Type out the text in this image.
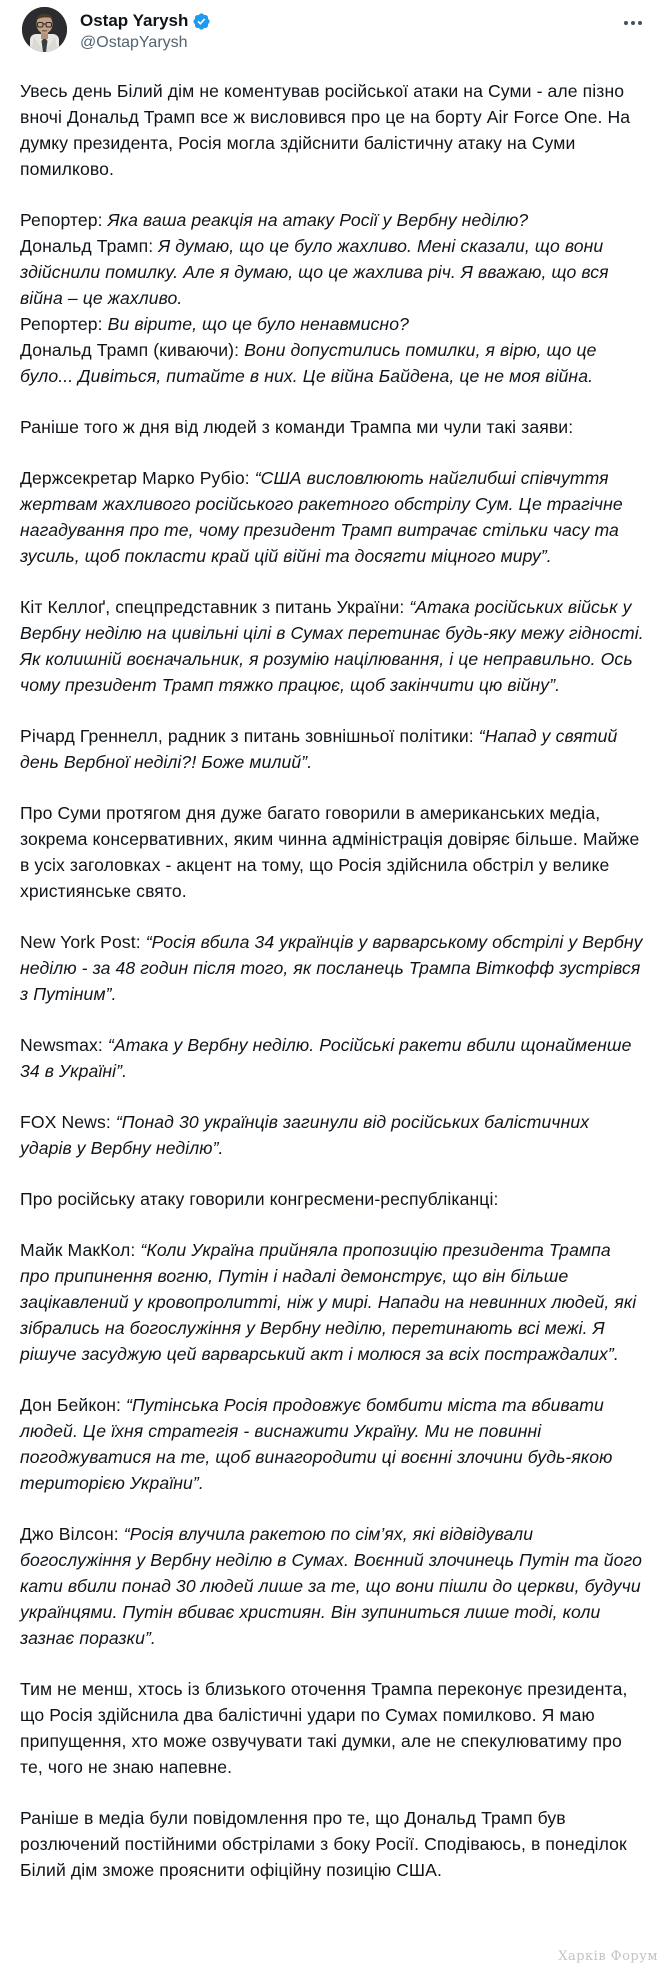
Ostap Yarysh
@OstapYarysh

Увесь день Білий дім не коментував російської атаки на Суми - але пізно вночі Дональд Трамп все ж висловився про це на борту Air Force One. На думку президента, Росія могла здійснити балістичну атаку на Суми помилково.

Репортер: Яка ваша реакція на атаку Росії у Вербну неділю?
Дональд Трамп: Я думаю, що це було жахливо. Мені сказали, що вони здійснили помилку. Але я думаю, що це жахлива річ. Я вважаю, що вся війна – це жахливо.
Репортер: Ви вірите, що це було ненавмисно?
Дональд Трамп (киваючи): Вони допустились помилки, я вірю, що це було... Дивіться, питайте в них. Це війна Байдена, це не моя війна.

Раніше того ж дня від людей з команди Трампа ми чули такі заяви:

Держсекретар Марко Рубіо: “США висловлюють найглибші співчуття жертвам жахливого російського ракетного обстрілу Сум. Це трагічне нагадування про те, чому президент Трамп витрачає стільки часу та зусиль, щоб покласти край цій війні та досягти міцного миру”.

Кіт Келлоґ, спецпредставник з питань України: “Атака російських військ у Вербну неділю на цивільні цілі в Сумах перетинає будь-яку межу гідності. Як колишній воєначальник, я розумію націлювання, і це неправильно. Ось чому президент Трамп тяжко працює, щоб закінчити цю війну”.

Річард Греннелл, радник з питань зовнішньої політики: “Напад у святий день Вербної неділі?! Боже милий”.

Про Суми протягом дня дуже багато говорили в американських медіа, зокрема консервативних, яким чинна адміністрація довіряє більше. Майже в усіх заголовках - акцент на тому, що Росія здійснила обстріл у велике християнське свято.

New York Post: “Росія вбила 34 українців у варварському обстрілі у Вербну неділю - за 48 годин після того, як посланець Трампа Віткофф зустрівся з Путіним”.

Newsmax: “Атака у Вербну неділю. Російські ракети вбили щонайменше 34 в Україні”.

FOX News: “Понад 30 українців загинули від російських балістичних ударів у Вербну неділю”.

Про російську атаку говорили конгресмени-республіканці:

Майк МакКол: “Коли Україна прийняла пропозицію президента Трампа про припинення вогню, Путін і надалі демонструє, що він більше зацікавлений у кровопролитті, ніж у мирі. Напади на невинних людей, які зібрались на богослужіння у Вербну неділю, перетинають всі межі. Я рішуче засуджую цей варварський акт і молюся за всіх постраждалих”.

Дон Бейкон: “Путінська Росія продовжує бомбити міста та вбивати людей. Це їхня стратегія - виснажити Україну. Ми не повинні погоджуватися на те, щоб винагородити ці воєнні злочини будь-якою територією України”.

Джо Вілсон: “Росія влучила ракетою по сім’ях, які відвідували богослужіння у Вербну неділю в Сумах. Воєнний злочинець Путін та його кати вбили понад 30 людей лише за те, що вони пішли до церкви, будучи українцями. Путін вбиває християн. Він зупиниться лише тоді, коли зазнає поразки”.

Тим не менш, хтось із близького оточення Трампа переконує президента, що Росія здійснила два балістичні удари по Сумах помилково. Я маю припущення, хто може озвучувати такі думки, але не спекулюватиму про те, чого не знаю напевне.

Раніше в медіа були повідомлення про те, що Дональд Трамп був розлючений постійними обстрілами з боку Росії. Сподіваюсь, в понеділок Білий дім зможе прояснити офіційну позицію США.

Харків Форум
